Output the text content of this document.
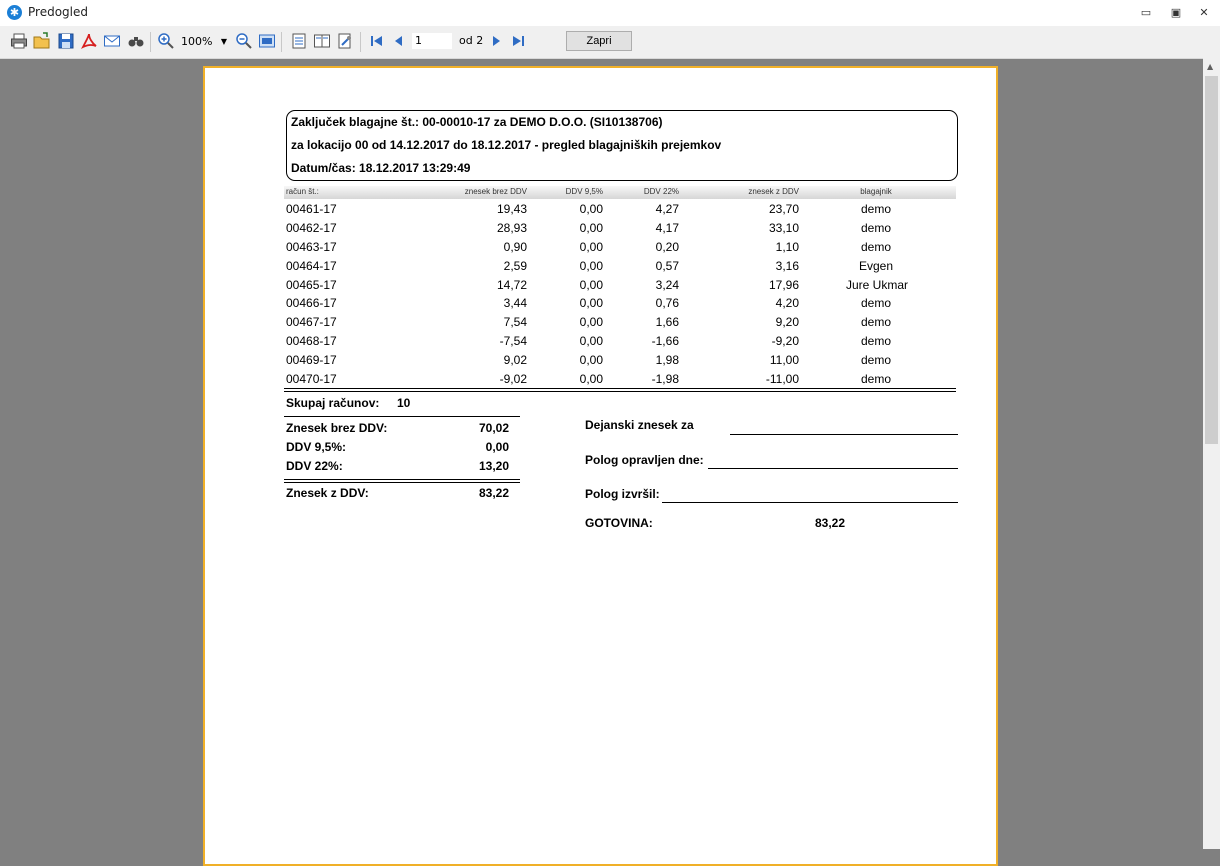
✱ Predogled	▭	▣	✕
100% ▼	1	od 2	Zapri
▲
Zaključek blagajne št.: 00-00010-17 za DEMO D.O.O. (SI10138706)
za lokacijo 00 od 14.12.2017 do 18.12.2017 - pregled blagajniških prejemkov
Datum/čas: 18.12.2017 13:29:49
račun št.:	znesek brez DDV	DDV 9,5%	DDV 22%	znesek z DDV	blagajnik
00461-17	19,43	0,00	4,27	23,70	demo
00462-17	28,93	0,00	4,17	33,10	demo
00463-17	0,90	0,00	0,20	1,10	demo
00464-17	2,59	0,00	0,57	3,16	Evgen
00465-17	14,72	0,00	3,24	17,96	Jure Ukmar
00466-17	3,44	0,00	0,76	4,20	demo
00467-17	7,54	0,00	1,66	9,20	demo
00468-17	-7,54	0,00	-1,66	-9,20	demo
00469-17	9,02	0,00	1,98	11,00	demo
00470-17	-9,02	0,00	-1,98	-11,00	demo
Skupaj računov: 10
Znesek brez DDV:	70,02
DDV 9,5%:	0,00
DDV 22%:	13,20
Znesek z DDV:	83,22
Dejanski znesek za
Polog opravljen dne:
Polog izvršil:
GOTOVINA:	83,22
